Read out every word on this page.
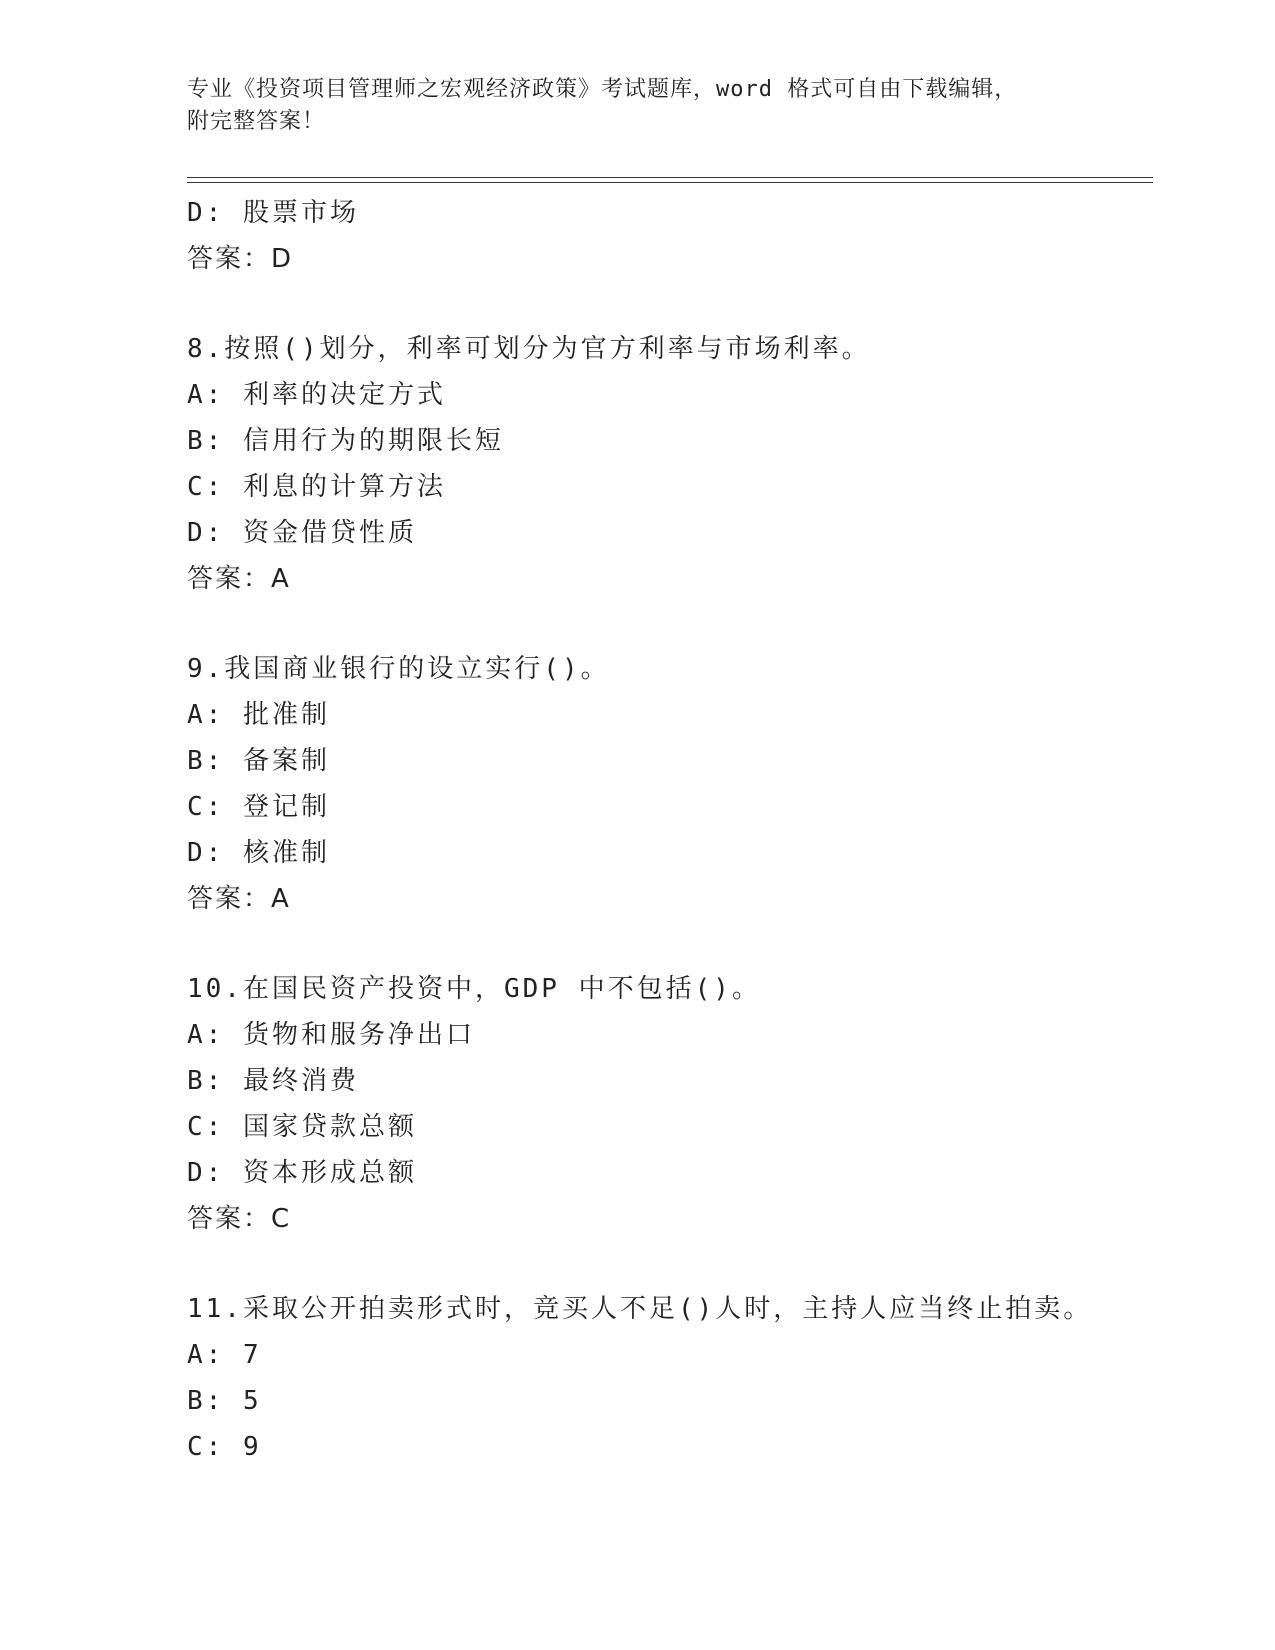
专业《投资项目管理师之宏观经济政策》考试题库，word 格式可自由下载编辑，
附完整答案！
D: 股票市场
答案：D
8.按照()划分，利率可划分为官方利率与市场利率。
A: 利率的决定方式
B: 信用行为的期限长短
C: 利息的计算方法
D: 资金借贷性质
答案：A
9.我国商业银行的设立实行()。
A: 批准制
B: 备案制
C: 登记制
D: 核准制
答案：A
10.在国民资产投资中，GDP 中不包括()。
A: 货物和服务净出口
B: 最终消费
C: 国家贷款总额
D: 资本形成总额
答案：C
11.采取公开拍卖形式时，竞买人不足()人时，主持人应当终止拍卖。
A: 7
B: 5
C: 9
